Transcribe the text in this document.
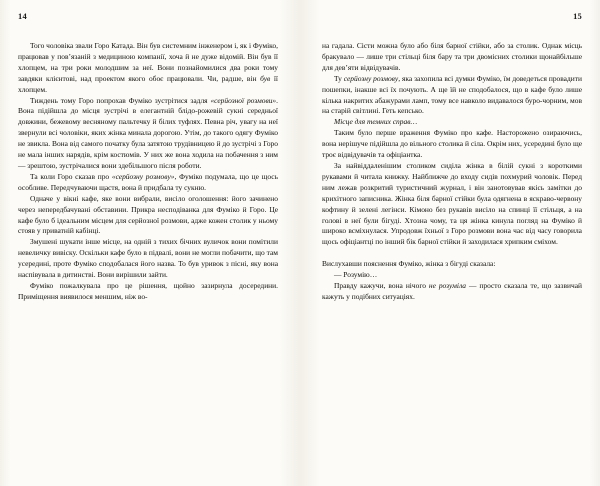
14

Того чоловіка звали Горо Катада. Він був системним інженером і, як і Фуміко, працював у повʼязаній з медициною компанії, хоча й не дуже відомій. Він був її хлопцем, на три роки молодшим за неї. Вони познайомилися два роки тому завдяки клієнтові, над проектом якого обоє працювали. Чи, радше, він був її хлопцем.

Тиждень тому Горо попрохав Фуміко зустрітися задля «серйозної розмови». Вона підійшла до місця зустрічі в елегантній блідо-рожевій сукні середньої довжини, бежевому весняному пальтечку й білих туфлях. Певна річ, увагу на неї звернули всі чоловіки, яких жінка минала дорогою. Утім, до такого одягу Фуміко не звикла. Вона від самого початку була затятою трудівницею й до зустрічі з Горо не мала інших нарядів, крім костюмів. У них же вона ходила на побачення з ним — зрештою, зустрічалися вони здебільшого після роботи.

Та коли Горо сказав про «серйозну розмову», Фуміко подумала, що це щось особливе. Передчуваючи щастя, вона й придбала ту сукню.

Одначе у вікні кафе, яке вони вибрали, висіло оголошення: його зачинено через непередбачувані обставини. Прикра несподіванка для Фуміко й Горо. Це кафе було б ідеальним місцем для серйозної розмови, адже кожен столик у ньому стояв у приватній кабінці.

Змушені шукати інше місце, на одній з тихих бічних вуличок вони помітили невеличку вивіску. Оскільки кафе було в підвалі, вони не могли побачити, що там усередині, проте Фуміко сподобалася його назва. То був уривок з пісні, яку вона наспівувала в дитинстві. Вони вирішили зайти.

Фуміко пожалкувала про це рішення, щойно зазирнула досередини. Приміщення виявилося меншим, ніж во-

15

на гадала. Сісти можна було або біля барної стійки, або за столик. Однак місць бракувало — лише три стільці біля бару та три двомісних столики щонайбільше для девʼяти відвідувачів.

Ту серйозну розмову, яка захопила всі думки Фуміко, їм доведеться провадити пошепки, інакше всі їх почують. А ще їй не сподобалося, що в кафе було лише кілька накритих абажурами ламп, тому все навколо видавалося буро-чорним, мов на старій світлині. Геть кепсько.

Місце для темних справ…

Таким було перше враження Фуміко про кафе. Насторожено озираючись, вона нерішуче підійшла до вільного столика й сіла. Окрім них, усередині було ще троє відвідувачів та офіціантка.

За найвіддаленішим столиком сиділа жінка в білій сукні з короткими рукавами й читала книжку. Найближче до входу сидів похмурий чоловік. Перед ним лежав розкритий туристичний журнал, і він занотовував якісь замітки до крихітного записника. Жінка біля барної стійки була одягнена в яскраво-червону кофтину й зелені легінси. Кімоно без рукавів висіло на спинці її стільця, а на голові в неї були бігуді. Хтозна чому, та ця жінка кинула погляд на Фуміко й широко всміхнулася. Упродовж їхньої з Горо розмови вона час від часу говорила щось офіціантці по інший бік барної стійки й заходилася хрипким сміхом.

Вислухавши пояснення Фуміко, жінка з бігуді сказала:

— Розумію…

Правду кажучи, вона нічого не розуміла — просто сказала те, що зазвичай кажуть у подібних ситуаціях.
